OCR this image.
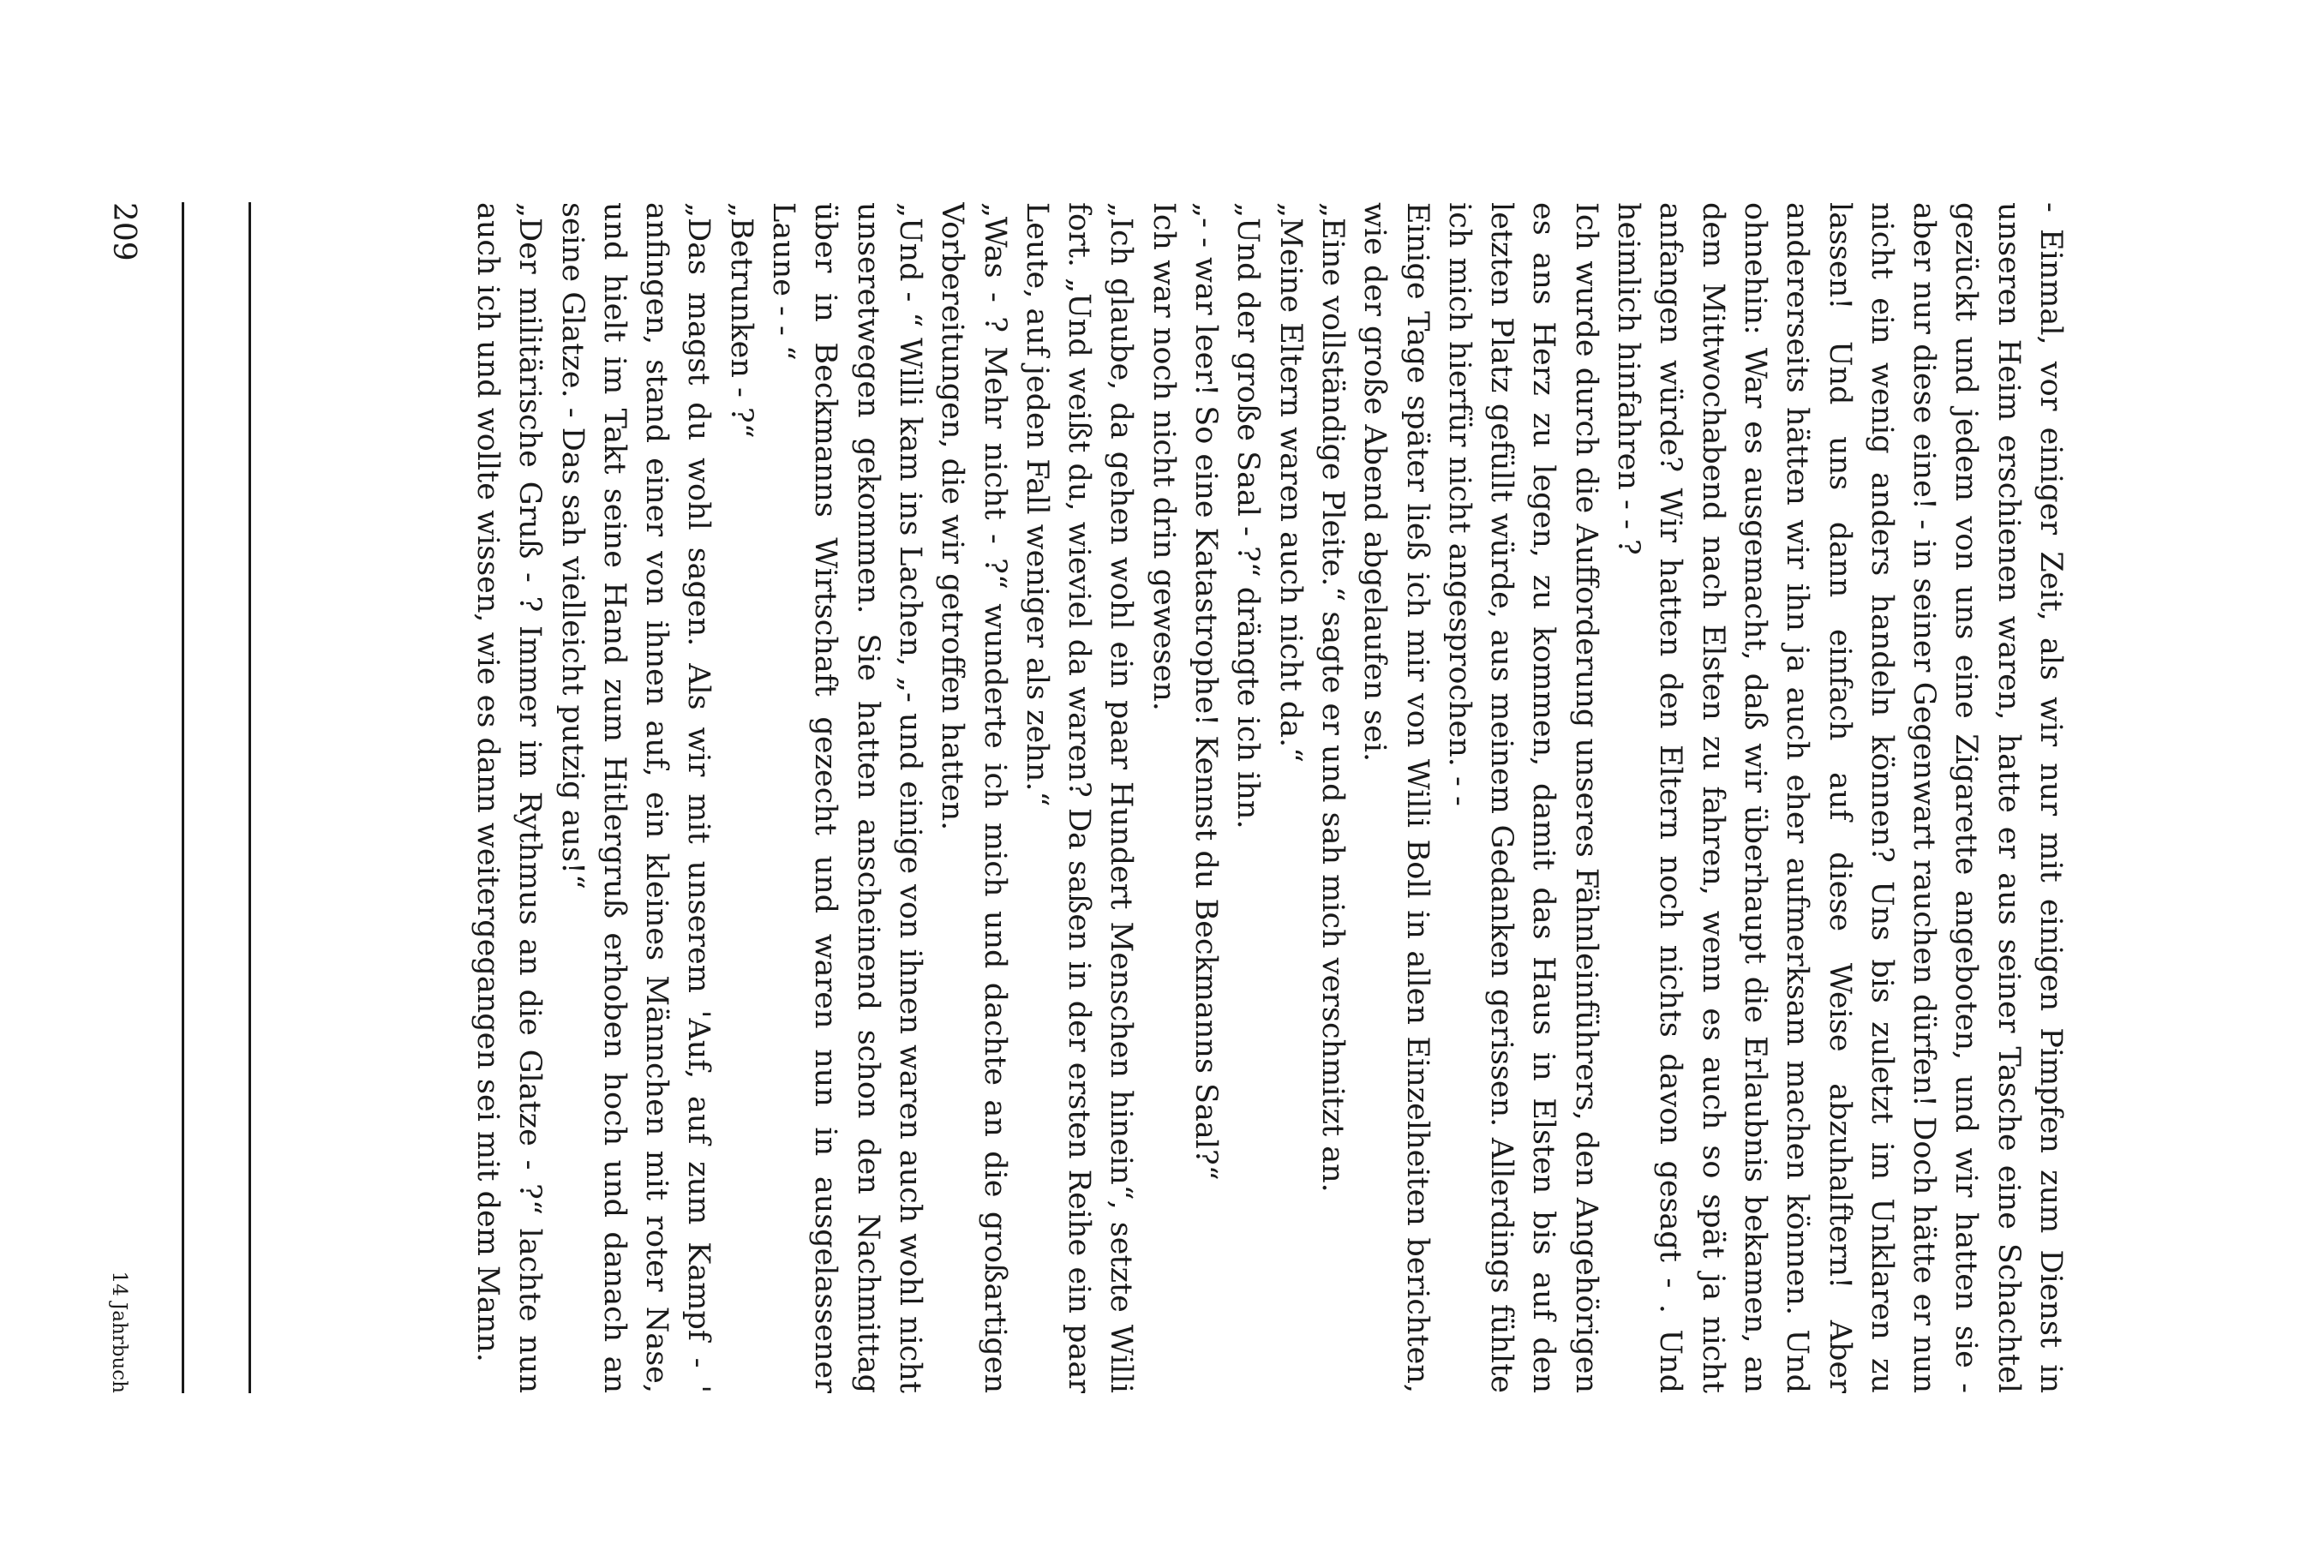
- Einmal, vor einiger Zeit, als wir nur mit einigen Pimpfen zum Dienst in unseren Heim erschienen waren, hatte er aus seiner Tasche eine Schachtel gezückt und jedem von uns eine Zigarette angeboten, und wir hatten sie - aber nur diese eine! - in seiner Gegenwart rauchen dürfen! Doch hätte er nun nicht ein wenig anders handeln können? Uns bis zuletzt im Unklaren zu lassen! Und uns dann einfach auf diese Weise abzuhalftern! Aber andererseits hätten wir ihn ja auch eher aufmerksam machen können. Und ohnehin: War es ausgemacht, daß wir überhaupt die Erlaubnis bekamen, an dem Mittwochabend nach Elsten zu fahren, wenn es auch so spät ja nicht anfangen würde? Wir hatten den Eltern noch nichts davon gesagt - . Und heimlich hinfahren - - ?

Ich wurde durch die Aufforderung unseres Fähnleinführers, den Angehörigen es ans Herz zu legen, zu kommen, damit das Haus in Elsten bis auf den letzten Platz gefüllt würde, aus meinem Gedanken gerissen. Allerdings fühlte ich mich hierfür nicht angesprochen. - -

Einige Tage später ließ ich mir von Willi Boll in allen Einzelheiten berichten, wie der große Abend abgelaufen sei.

„Eine vollständige Pleite.“ sagte er und sah mich verschmitzt an.

„Meine Eltern waren auch nicht da.“

„Und der große Saal - ?“ drängte ich ihn.

„- - war leer! So eine Katastrophe! Kennst du Beckmanns Saal?“

Ich war noch nicht drin gewesen.

„Ich glaube, da gehen wohl ein paar Hundert Menschen hinein“, setzte Willi fort. „Und weißt du, wieviel da waren? Da saßen in der ersten Reihe ein paar Leute, auf jeden Fall weniger als zehn.“

„Was - ? Mehr nicht - ?“ wunderte ich mich und dachte an die großartigen Vorbereitungen, die wir getroffen hatten.

„Und - “ Willi kam ins Lachen, „- und einige von ihnen waren auch wohl nicht unseretwegen gekommen. Sie hatten anscheinend schon den Nachmittag über in Beckmanns Wirtschaft gezecht und waren nun in ausgelassener Laune - - “

„Betrunken - ?“

„Das magst du wohl sagen. Als wir mit unserem 'Auf, auf zum Kampf - ' anfingen, stand einer von ihnen auf, ein kleines Männchen mit roter Nase, und hielt im Takt seine Hand zum Hitlergruß erhoben hoch und danach an seine Glatze. - Das sah vielleicht putzig aus!“

„Der militärische Gruß - ? Immer im Rythmus an die Glatze - ?“ lachte nun auch ich und wollte wissen, wie es dann weitergegangen sei mit dem Mann.

209
14 Jahrbuch
